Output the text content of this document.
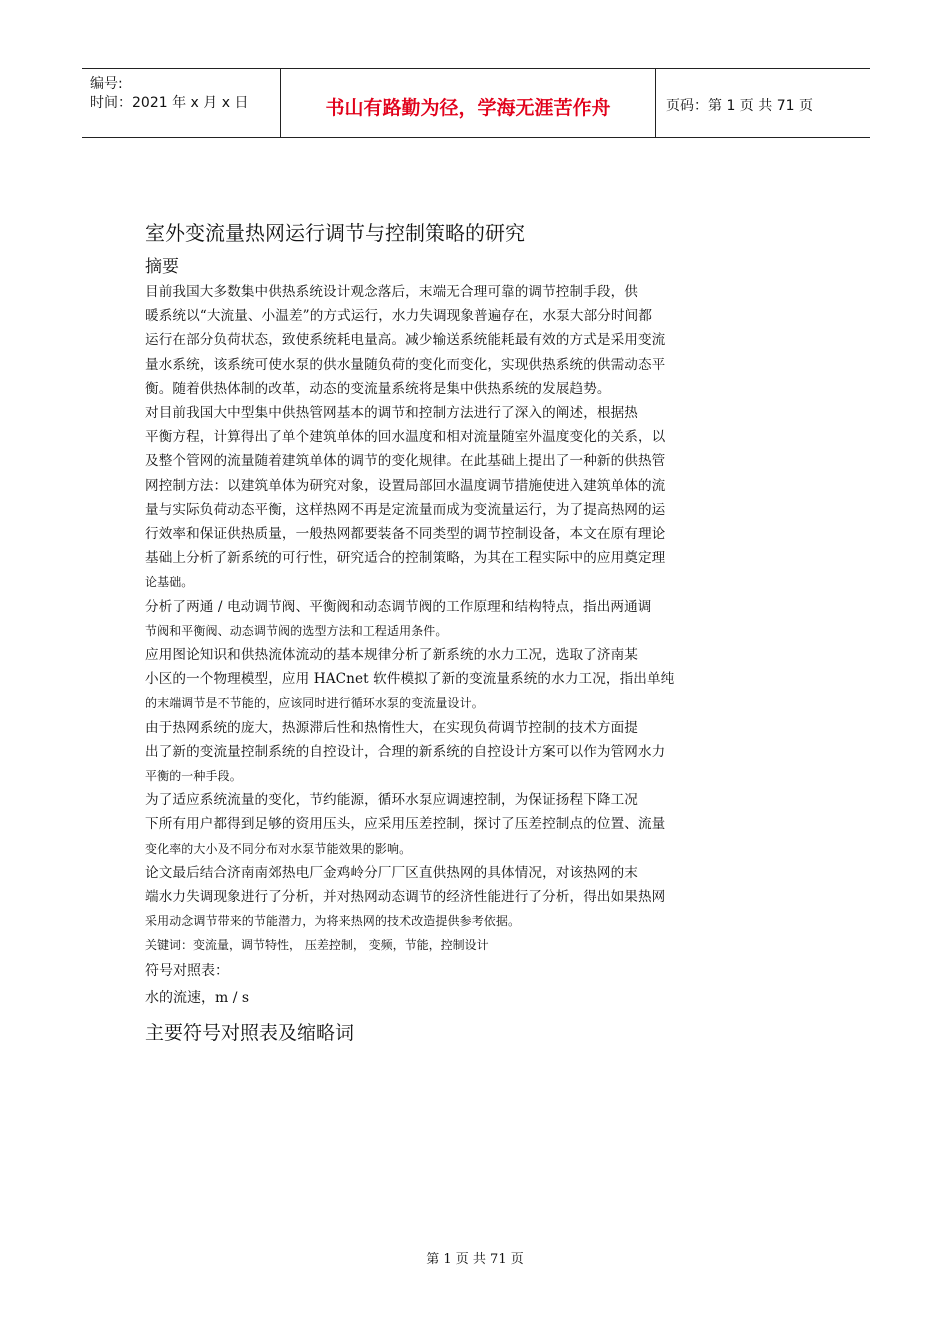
编号:
时间：2021 年 x 月 x 日	书山有路勤为径，学海无涯苦作舟	页码：第 1 页 共 71 页
室外变流量热网运行调节与控制策略的研究
摘要

目前我国大多数集中供热系统设计观念落后，末端无合理可靠的调节控制手段，供
暖系统以“大流量、小温差”的方式运行，水力失调现象普遍存在，水泵大部分时间都
运行在部分负荷状态，致使系统耗电量高。减少输送系统能耗最有效的方式是采用变流
量水系统，该系统可使水泵的供水量随负荷的变化而变化，实现供热系统的供需动态平
衡。随着供热体制的改革，动态的变流量系统将是集中供热系统的发展趋势。

对目前我国大中型集中供热管网基本的调节和控制方法进行了深入的阐述，根据热
平衡方程，计算得出了单个建筑单体的回水温度和相对流量随室外温度变化的关系，以
及整个管网的流量随着建筑单体的调节的变化规律。在此基础上提出了一种新的供热管
网控制方法：以建筑单体为研究对象，设置局部回水温度调节措施使进入建筑单体的流
量与实际负荷动态平衡，这样热网不再是定流量而成为变流量运行，为了提高热网的运
行效率和保证供热质量，一般热网都要装备不同类型的调节控制设备，本文在原有理论
基础上分析了新系统的可行性，研究适合的控制策略，为其在工程实际中的应用奠定理
论基础。

分析了两通 / 电动调节阀、平衡阀和动态调节阀的工作原理和结构特点，指出两通调
节阀和平衡阀、动态调节阀的选型方法和工程适用条件。

应用图论知识和供热流体流动的基本规律分析了新系统的水力工况，选取了济南某
小区的一个物理模型，应用 HACnet 软件模拟了新的变流量系统的水力工况，指出单纯
的末端调节是不节能的，应该同时进行循环水泵的变流量设计。

由于热网系统的庞大，热源滞后性和热惰性大，在实现负荷调节控制的技术方面提
出了新的变流量控制系统的自控设计，合理的新系统的自控设计方案可以作为管网水力
平衡的一种手段。

为了适应系统流量的变化，节约能源，循环水泵应调速控制，为保证扬程下降工况
下所有用户都得到足够的资用压头，应采用压差控制，探讨了压差控制点的位置、流量
变化率的大小及不同分布对水泵节能效果的影响。

论文最后结合济南南郊热电厂金鸡岭分厂厂区直供热网的具体情况，对该热网的末
端水力失调现象进行了分析，并对热网动态调节的经济性能进行了分析，得出如果热网
采用动念调节带来的节能潜力，为将来热网的技术改造提供参考依据。

关键词：变流量，调节特性， 压差控制， 变频，节能，控制设计

符号对照表：

水的流速，m / s

主要符号对照表及缩略词
第 1 页 共 71 页
